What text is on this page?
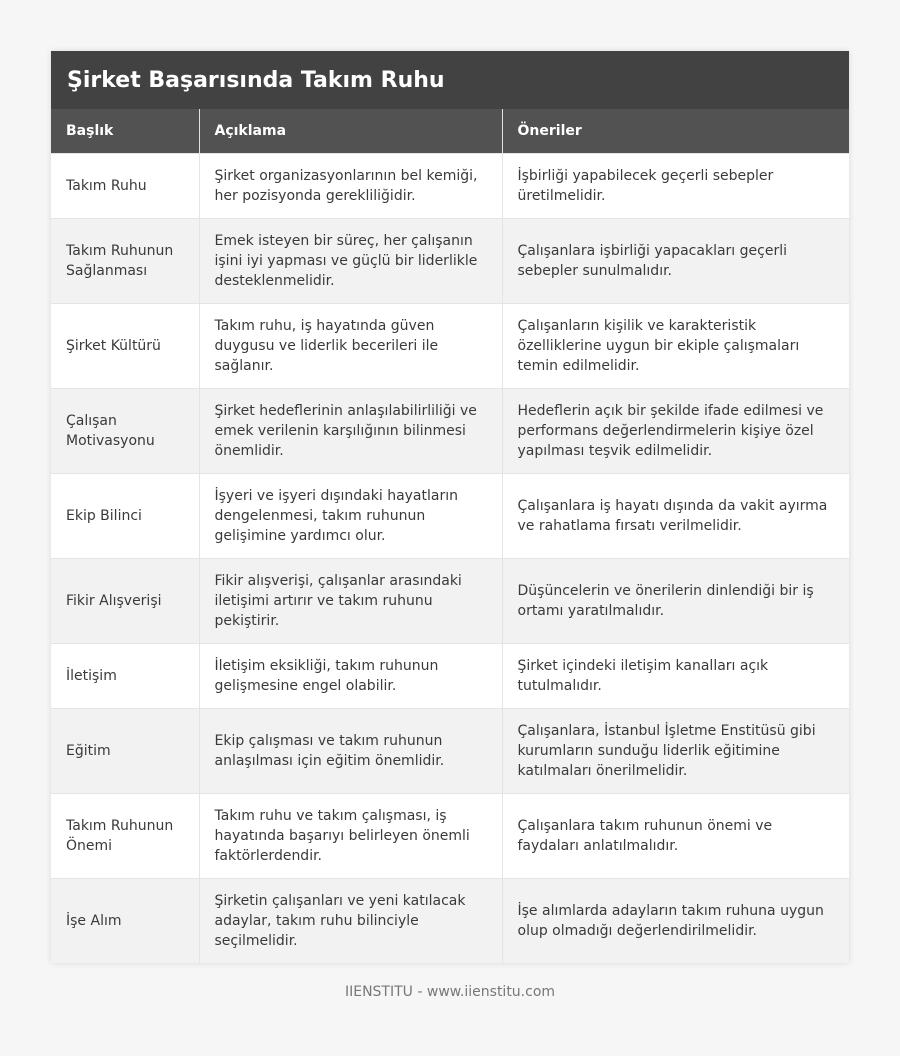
Şirket Başarısında Takım Ruhu
Başlık	Açıklama	Öneriler
Takım Ruhu	Şirket organizasyonlarının bel kemiği, her pozisyonda gerekliliğidir.	İşbirliği yapabilecek geçerli sebepler üretilmelidir.
Takım Ruhunun Sağlanması	Emek isteyen bir süreç, her çalışanın işini iyi yapması ve güçlü bir liderlikle desteklenmelidir.	Çalışanlara işbirliği yapacakları geçerli sebepler sunulmalıdır.
Şirket Kültürü	Takım ruhu, iş hayatında güven duygusu ve liderlik becerileri ile sağlanır.	Çalışanların kişilik ve karakteristik özelliklerine uygun bir ekiple çalışmaları temin edilmelidir.
Çalışan Motivasyonu	Şirket hedeflerinin anlaşılabilirliliği ve emek verilenin karşılığının bilinmesi önemlidir.	Hedeflerin açık bir şekilde ifade edilmesi ve performans değerlendirmelerin kişiye özel yapılması teşvik edilmelidir.
Ekip Bilinci	İşyeri ve işyeri dışındaki hayatların dengelenmesi, takım ruhunun gelişimine yardımcı olur.	Çalışanlara iş hayatı dışında da vakit ayırma ve rahatlama fırsatı verilmelidir.
Fikir Alışverişi	Fikir alışverişi, çalışanlar arasındaki iletişimi artırır ve takım ruhunu pekiştirir.	Düşüncelerin ve önerilerin dinlendiği bir iş ortamı yaratılmalıdır.
İletişim	İletişim eksikliği, takım ruhunun gelişmesine engel olabilir.	Şirket içindeki iletişim kanalları açık tutulmalıdır.
Eğitim	Ekip çalışması ve takım ruhunun anlaşılması için eğitim önemlidir.	Çalışanlara, İstanbul İşletme Enstitüsü gibi kurumların sunduğu liderlik eğitimine katılmaları önerilmelidir.
Takım Ruhunun Önemi	Takım ruhu ve takım çalışması, iş hayatında başarıyı belirleyen önemli faktörlerdendir.	Çalışanlara takım ruhunun önemi ve faydaları anlatılmalıdır.
İşe Alım	Şirketin çalışanları ve yeni katılacak adaylar, takım ruhu bilinciyle seçilmelidir.	İşe alımlarda adayların takım ruhuna uygun olup olmadığı değerlendirilmelidir.
IIENSTITU - www.iienstitu.com
